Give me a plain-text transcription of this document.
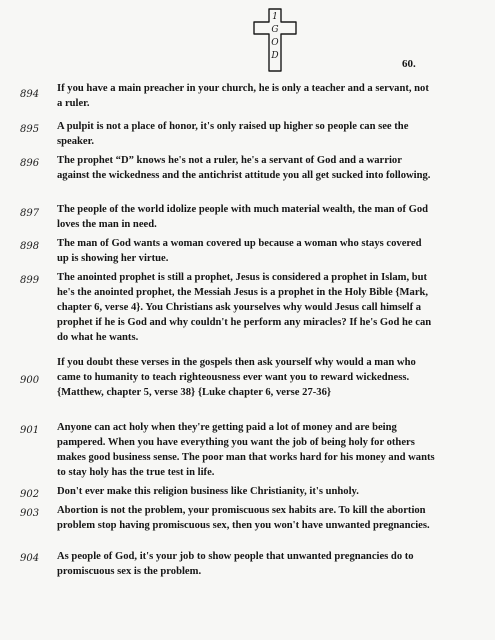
1
G
O
D
60.
894
895
896
897
898
899
900
901
902
903
904
If you have a main preacher in your church, he is only a teacher and a servant, not a ruler.
A pulpit is not a place of honor, it's only raised up higher so people can see the speaker.
The prophet “D” knows he's not a ruler, he's a servant of God and a warrior against the wickedness and the antichrist attitude you all get sucked into following.
The people of the world idolize people with much material wealth, the man of God loves the man in need.
The man of God wants a woman covered up because a woman who stays covered up is showing her virtue.
The anointed prophet is still a prophet, Jesus is considered a prophet in Islam, but he's the anointed prophet, the Messiah Jesus is a prophet in the Holy Bible {Mark, chapter 6, verse 4}. You Christians ask yourselves why would Jesus call himself a prophet if he is God and why couldn't he perform any miracles? If he's God he can do what he wants.
If you doubt these verses in the gospels then ask yourself why would a man who came to humanity to teach righteousness ever want you to reward wickedness. {Matthew, chapter 5, verse 38} {Luke chapter 6, verse 27-36}
Anyone can act holy when they're getting paid a lot of money and are being pampered. When you have everything you want the job of being holy for others makes good business sense. The poor man that works hard for his money and wants to stay holy has the true test in life.
Don't ever make this religion business like Christianity, it's unholy.
Abortion is not the problem, your promiscuous sex habits are. To kill the abortion problem stop having promiscuous sex, then you won't have unwanted pregnancies.
As people of God, it's your job to show people that unwanted pregnancies do to promiscuous sex is the problem.
